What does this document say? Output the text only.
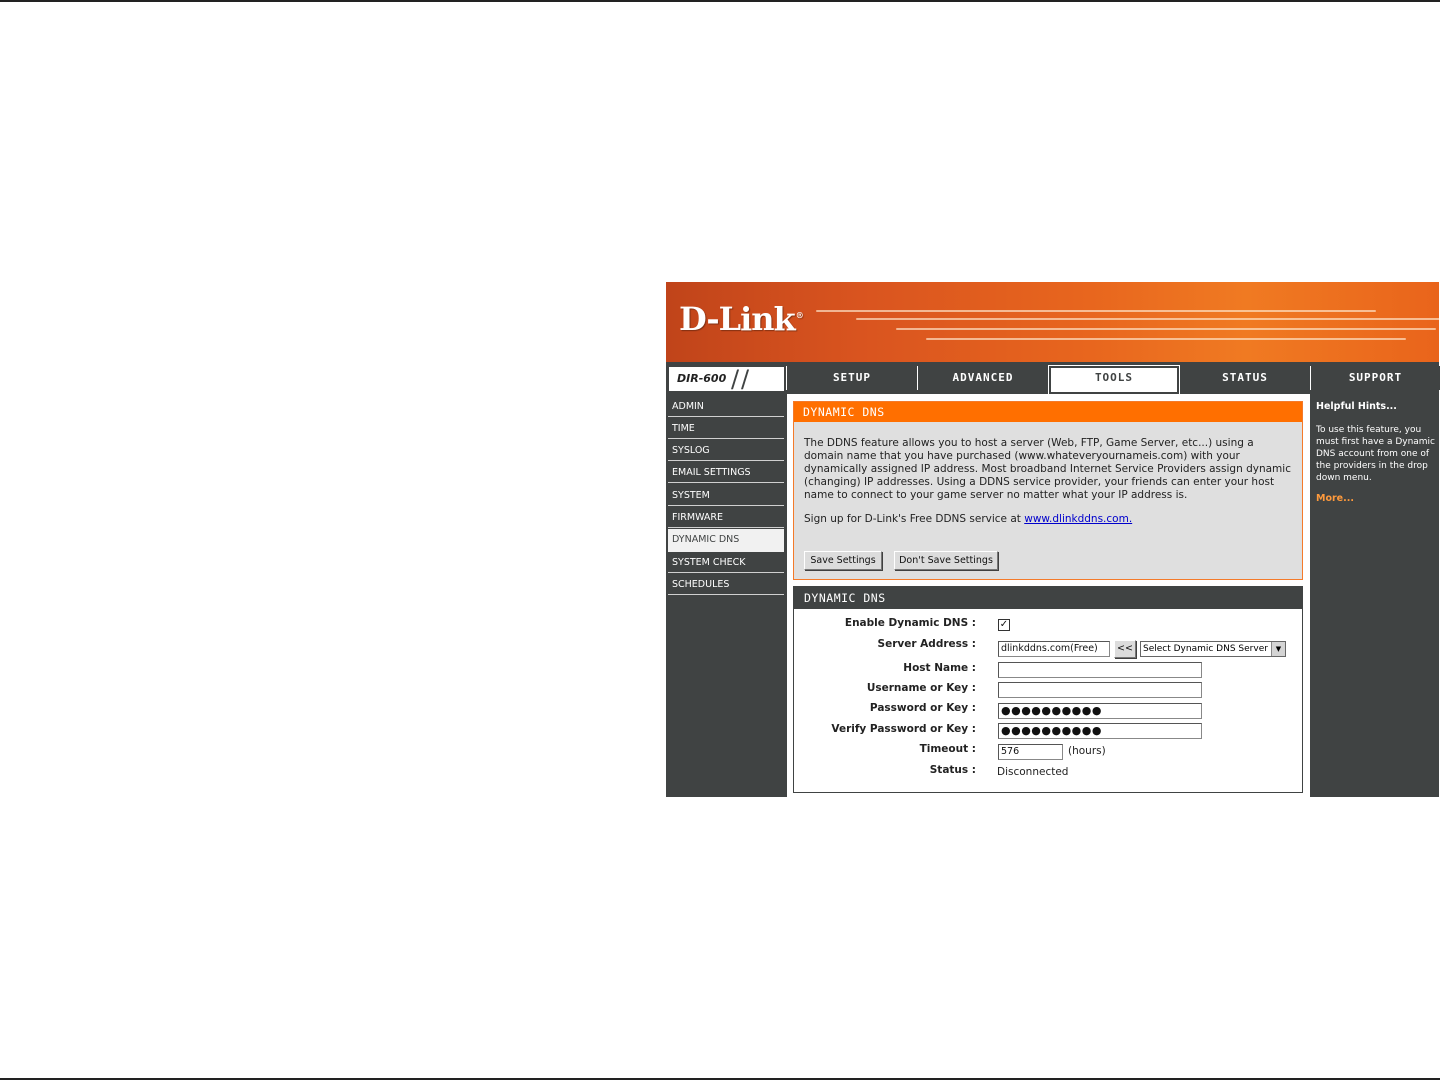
D-Link®
DIR-600 / /	SETUP	ADVANCED	TOOLS	STATUS	SUPPORT
ADMIN
TIME
SYSLOG
EMAIL SETTINGS
SYSTEM
FIRMWARE
DYNAMIC DNS
SYSTEM CHECK
SCHEDULES
DYNAMIC DNS
The DDNS feature allows you to host a server (Web, FTP, Game Server, etc...) using a domain name that you have purchased (www.whateveryournameis.com) with your dynamically assigned IP address. Most broadband Internet Service Providers assign dynamic (changing) IP addresses. Using a DDNS service provider, your friends can enter your host name to connect to your game server no matter what your IP address is.
Sign up for D-Link's Free DDNS service at www.dlinkddns.com.
Save Settings	Don't Save Settings
DYNAMIC DNS
Enable Dynamic DNS : ✓
Server Address :	dlinkddns.com(Free)	<<	Select Dynamic DNS Server	▼
Host Name :
Username or Key :
Password or Key : ●●●●●●●●●●
Verify Password or Key : ●●●●●●●●●●
Timeout :	576	(hours)
Status : Disconnected
Helpful Hints...
To use this feature, you must first have a Dynamic DNS account from one of the providers in the drop down menu.
More...
